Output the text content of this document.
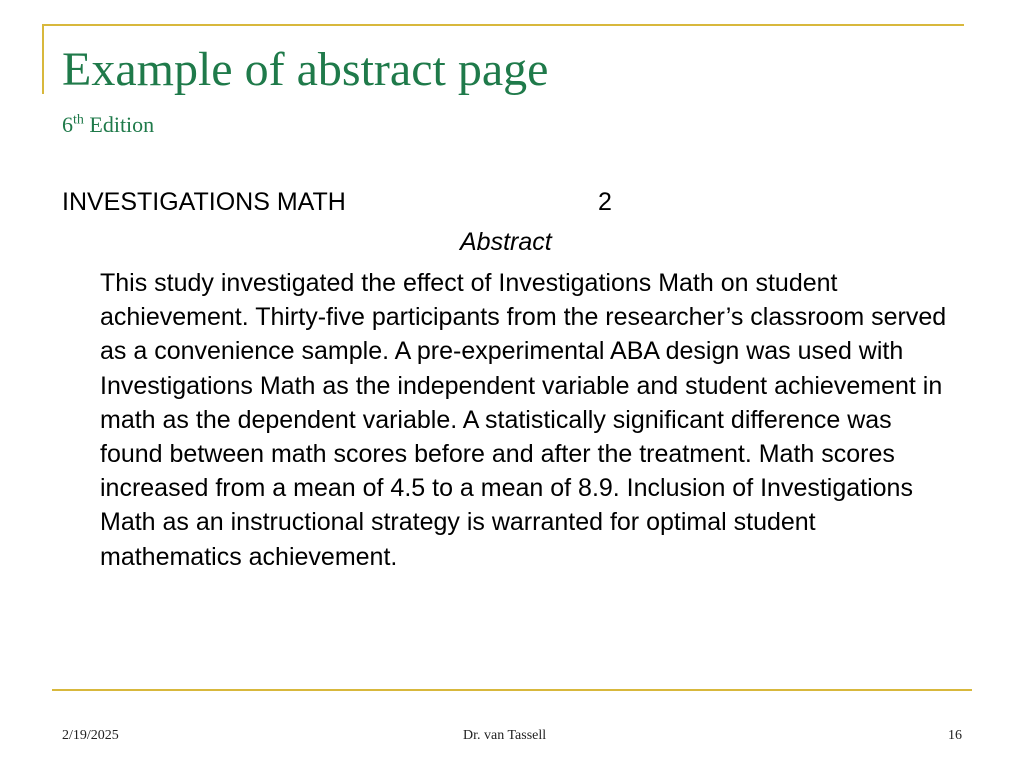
Example of abstract page
6th Edition
INVESTIGATIONS MATH	2
Abstract

This study investigated the effect of Investigations Math on student achievement. Thirty-five participants from the researcher’s classroom served as a convenience sample. A pre-experimental ABA design was used with Investigations Math as the independent variable and student achievement in math as the dependent variable. A statistically significant difference was found between math scores before and after the treatment. Math scores increased from a mean of 4.5 to a mean of 8.9. Inclusion of Investigations Math as an instructional strategy is warranted for optimal student mathematics achievement.

2/19/2025	Dr. van Tassell	16
